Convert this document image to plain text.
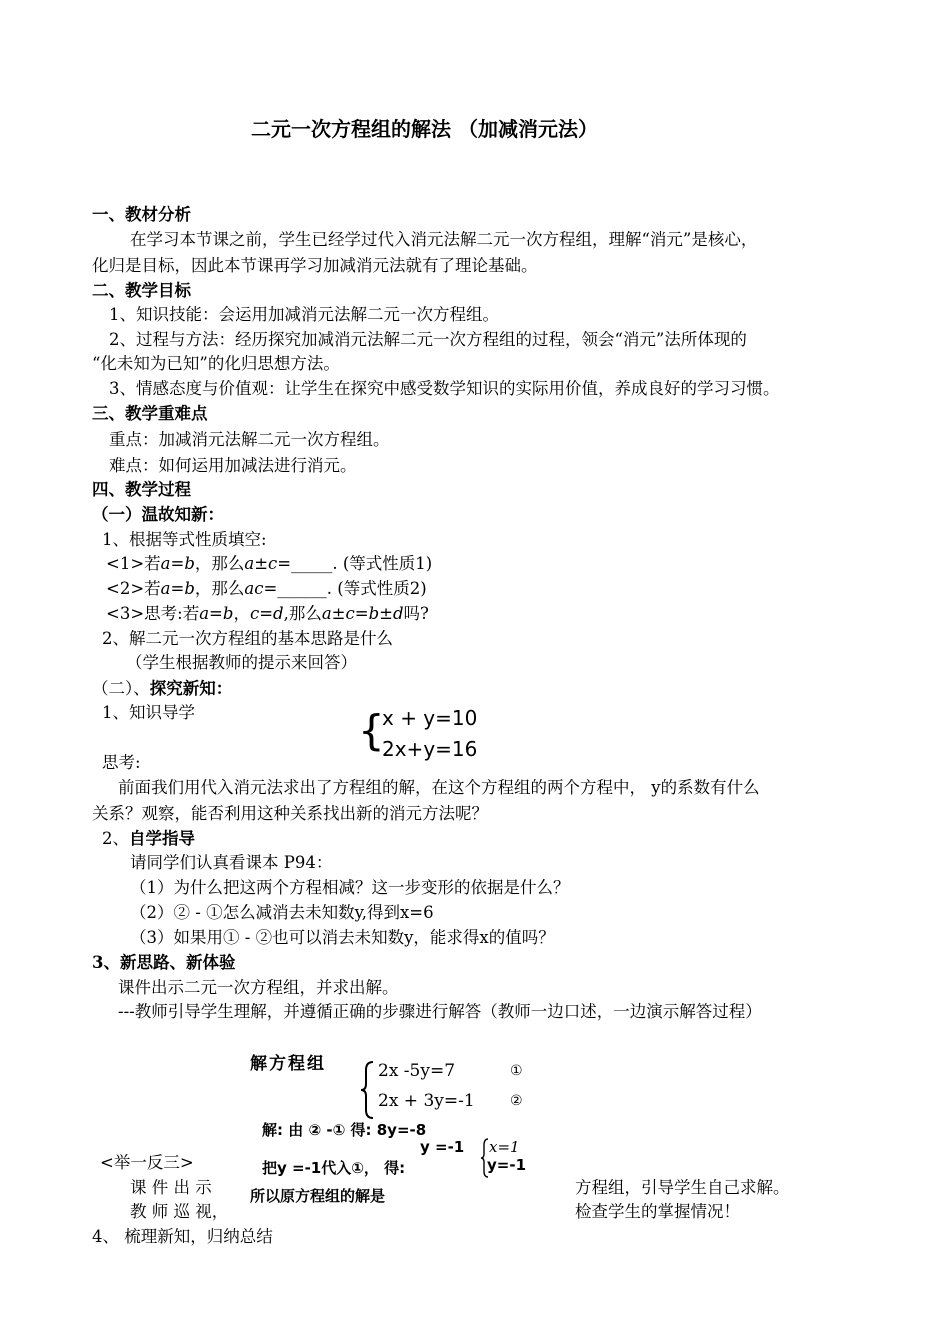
二元一次方程组的解法 （加减消元法）
一、教材分析
在学习本节课之前，学生已经学过代入消元法解二元一次方程组，理解“消元”是核心，
化归是目标，因此本节课再学习加减消元法就有了理论基础。
二、教学目标
1、知识技能：会运用加减消元法解二元一次方程组。
2、过程与方法：经历探究加减消元法解二元一次方程组的过程，领会“消元”法所体现的
“化未知为已知”的化归思想方法。
3、情感态度与价值观：让学生在探究中感受数学知识的实际用价值，养成良好的学习习惯。
三、教学重难点
重点：加减消元法解二元一次方程组。
难点：如何运用加减法进行消元。
四、教学过程
（一）温故知新：
1、根据等式性质填空:
<1>若a=b，那么a±c=_____. (等式性质1)
<2>若a=b，那么ac=______. (等式性质2)
<3>思考:若a=b，c=d,那么a±c=b±d吗?
2、解二元一次方程组的基本思路是什么
（学生根据教师的提示来回答）
（二）、探究新知：
1、知识导学	{
x + y=10
2x+y=16
思考:
前面我们用代入消元法求出了方程组的解，在这个方程组的两个方程中， y的系数有什么
关系？观察，能否利用这种关系找出新的消元方法呢？
2、自学指导
请同学们认真看课本 P94：
（1）为什么把这两个方程相减？这一步变形的依据是什么？
（2）② - ①怎么减消去未知数y,得到x=6
（3）如果用① - ②也可以消去未知数y，能求得x的值吗？
3、新思路、新体验
课件出示二元一次方程组，并求出解。
---教师引导学生理解，并遵循正确的步骤进行解答（教师一边口述，一边演示解答过程）
解方程组	2x -5y=7	①
2x + 3y=-1	②
解: 由 ② -① 得: 8y=-8
y =-1
把y =-1代入①， 得:
所以原方程组的解是
x=1
y=-1
<举一反三>
课 件 出 示	方程组，引导学生自己求解。
教 师 巡 视，	检查学生的掌握情况！
4、 梳理新知，归纳总结
